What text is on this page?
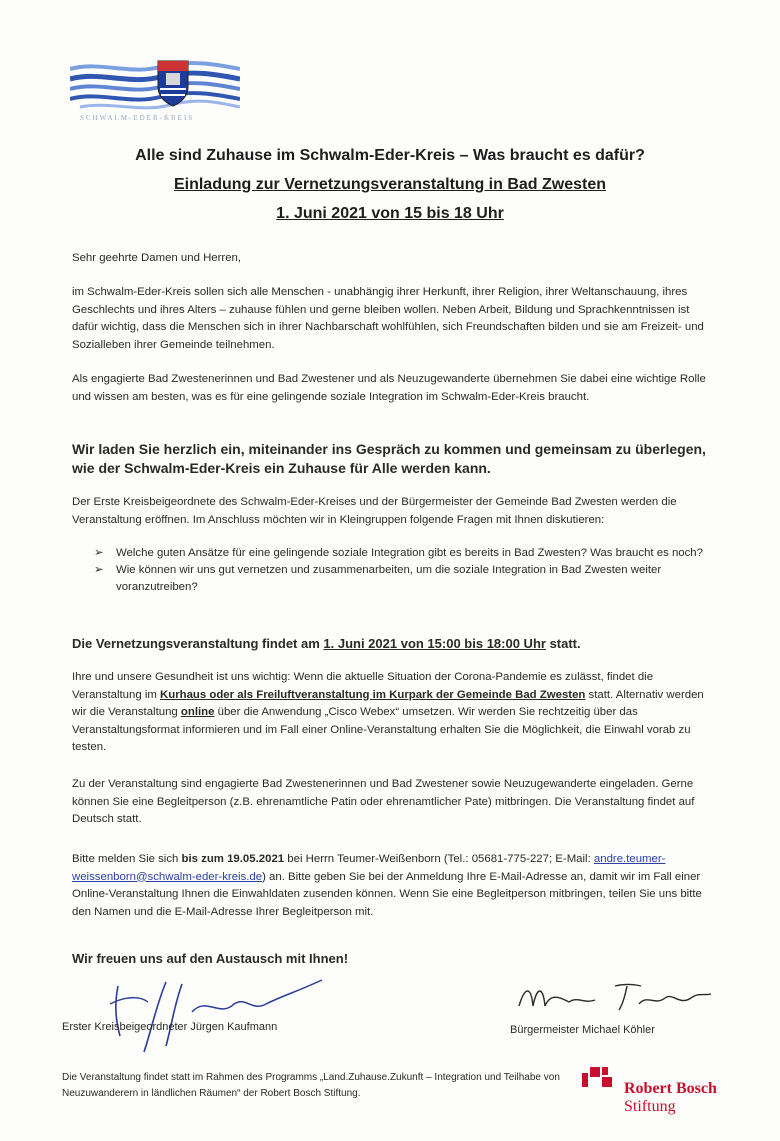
SCHWALM-EDER-KREIS
Alle sind Zuhause im Schwalm-Eder-Kreis – Was braucht es dafür?
Einladung zur Vernetzungsveranstaltung in Bad Zwesten
1. Juni 2021 von 15 bis 18 Uhr
Sehr geehrte Damen und Herren,
im Schwalm-Eder-Kreis sollen sich alle Menschen - unabhängig ihrer Herkunft, ihrer Religion, ihrer Weltanschauung, ihres Geschlechts und ihres Alters – zuhause fühlen und gerne bleiben wollen. Neben Arbeit, Bildung und Sprachkenntnissen ist dafür wichtig, dass die Menschen sich in ihrer Nachbarschaft wohlfühlen, sich Freundschaften bilden und sie am Freizeit- und Sozialleben ihrer Gemeinde teilnehmen.
Als engagierte Bad Zwestenerinnen und Bad Zwestener und als Neuzugewanderte übernehmen Sie dabei eine wichtige Rolle und wissen am besten, was es für eine gelingende soziale Integration im Schwalm-Eder-Kreis braucht.
Wir laden Sie herzlich ein, miteinander ins Gespräch zu kommen und gemeinsam zu überlegen, wie der Schwalm-Eder-Kreis ein Zuhause für Alle werden kann.
Der Erste Kreisbeigeordnete des Schwalm-Eder-Kreises und der Bürgermeister der Gemeinde Bad Zwesten werden die Veranstaltung eröffnen. Im Anschluss möchten wir in Kleingruppen folgende Fragen mit Ihnen diskutieren:
➢ Welche guten Ansätze für eine gelingende soziale Integration gibt es bereits in Bad Zwesten? Was braucht es noch?
➢ Wie können wir uns gut vernetzen und zusammenarbeiten, um die soziale Integration in Bad Zwesten weiter voranzutreiben?
Die Vernetzungsveranstaltung findet am 1. Juni 2021 von 15:00 bis 18:00 Uhr statt.
Ihre und unsere Gesundheit ist uns wichtig: Wenn die aktuelle Situation der Corona-Pandemie es zulässt, findet die Veranstaltung im Kurhaus oder als Freiluftveranstaltung im Kurpark der Gemeinde Bad Zwesten statt. Alternativ werden wir die Veranstaltung online über die Anwendung „Cisco Webex“ umsetzen. Wir werden Sie rechtzeitig über das Veranstaltungsformat informieren und im Fall einer Online-Veranstaltung erhalten Sie die Möglichkeit, die Einwahl vorab zu testen.
Zu der Veranstaltung sind engagierte Bad Zwestenerinnen und Bad Zwestener sowie Neuzugewanderte eingeladen. Gerne können Sie eine Begleitperson (z.B. ehrenamtliche Patin oder ehrenamtlicher Pate) mitbringen. Die Veranstaltung findet auf Deutsch statt.
Bitte melden Sie sich bis zum 19.05.2021 bei Herrn Teumer-Weißenborn (Tel.: 05681-775-227; E-Mail: andre.teumer-weissenborn@schwalm-eder-kreis.de) an. Bitte geben Sie bei der Anmeldung Ihre E-Mail-Adresse an, damit wir im Fall einer Online-Veranstaltung Ihnen die Einwahldaten zusenden können. Wenn Sie eine Begleitperson mitbringen, teilen Sie uns bitte den Namen und die E-Mail-Adresse Ihrer Begleitperson mit.
Wir freuen uns auf den Austausch mit Ihnen!
Erster Kreisbeigeordneter Jürgen Kaufmann	Bürgermeister Michael Köhler
Die Veranstaltung findet statt im Rahmen des Programms „Land.Zuhause.Zukunft – Integration und Teilhabe von Neuzuwanderern in ländlichen Räumen“ der Robert Bosch Stiftung.	Robert Bosch
Stiftung
